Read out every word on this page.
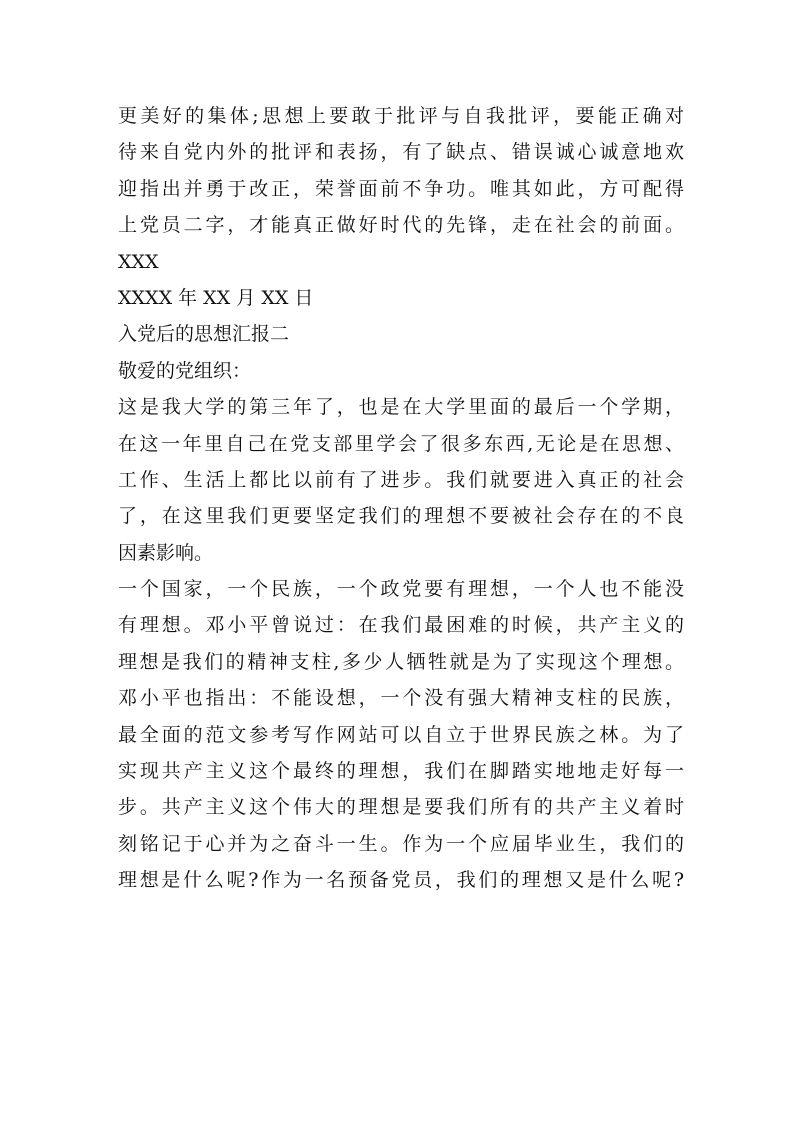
更美好的集体;思想上要敢于批评与自我批评，要能正确对
待来自党内外的批评和表扬，有了缺点、错误诚心诚意地欢
迎指出并勇于改正，荣誉面前不争功。唯其如此，方可配得
上党员二字，才能真正做好时代的先锋，走在社会的前面。
XXX
XXXX 年 XX 月 XX 日
入党后的思想汇报二
敬爱的党组织：
这是我大学的第三年了，也是在大学里面的最后一个学期，
在这一年里自己在党支部里学会了很多东西,无论是在思想、
工作、生活上都比以前有了进步。我们就要进入真正的社会
了，在这里我们更要坚定我们的理想不要被社会存在的不良
因素影响。
一个国家，一个民族，一个政党要有理想，一个人也不能没
有理想。邓小平曾说过：在我们最困难的时候，共产主义的
理想是我们的精神支柱,多少人牺牲就是为了实现这个理想。
邓小平也指出：不能设想，一个没有强大精神支柱的民族，
最全面的范文参考写作网站可以自立于世界民族之林。为了
实现共产主义这个最终的理想，我们在脚踏实地地走好每一
步。共产主义这个伟大的理想是要我们所有的共产主义着时
刻铭记于心并为之奋斗一生。作为一个应届毕业生，我们的
理想是什么呢?作为一名预备党员，我们的理想又是什么呢?
